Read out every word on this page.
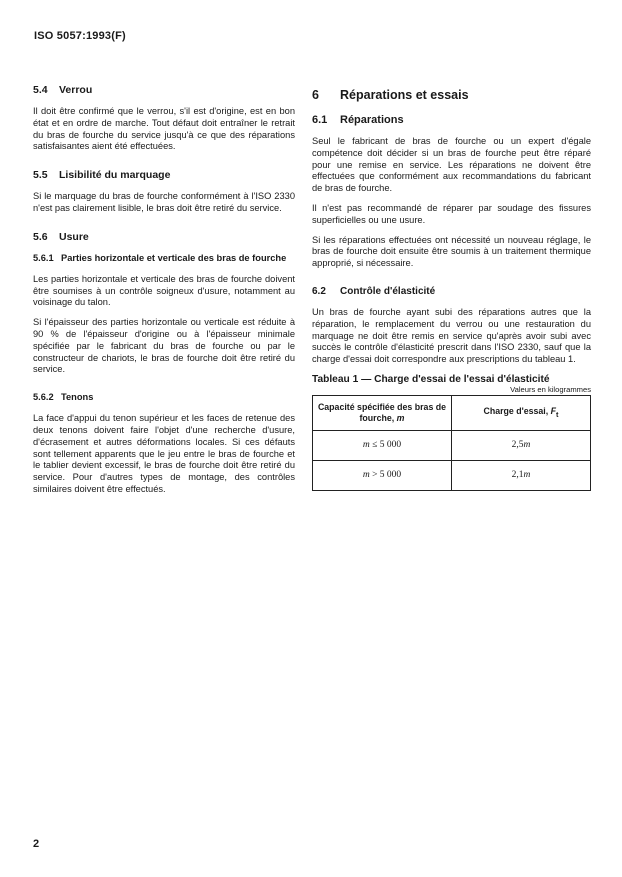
ISO 5057:1993(F)
5.4 Verrou

Il doit être confirmé que le verrou, s'il est d'origine, est en bon état et en ordre de marche. Tout défaut doit entraîner le retrait du bras de fourche du service jusqu'à ce que des réparations satisfaisantes aient été effectuées.

5.5 Lisibilité du marquage

Si le marquage du bras de fourche conformément à l'ISO 2330 n'est pas clairement lisible, le bras doit être retiré du service.

5.6 Usure
5.6.1 Parties horizontale et verticale des bras de fourche

Les parties horizontale et verticale des bras de fourche doivent être soumises à un contrôle soigneux d'usure, notamment au voisinage du talon.

Si l'épaisseur des parties horizontale ou verticale est réduite à 90 % de l'épaisseur d'origine ou à l'épaisseur minimale spécifiée par le fabricant du bras de fourche ou par le constructeur de chariots, le bras de fourche doit être retiré du service.

5.6.2 Tenons

La face d'appui du tenon supérieur et les faces de retenue des deux tenons doivent faire l'objet d'une recherche d'usure, d'écrasement et autres déformations locales. Si ces défauts sont tellement apparents que le jeu entre le bras de fourche et le tablier devient excessif, le bras de fourche doit être retiré du service. Pour d'autres types de montage, des contrôles similaires doivent être effectués.

6 Réparations et essais
6.1 Réparations

Seul le fabricant de bras de fourche ou un expert d'égale compétence doit décider si un bras de fourche peut être réparé pour une remise en service. Les réparations ne doivent être effectuées que conformément aux recommandations du fabricant de bras de fourche.

Il n'est pas recommandé de réparer par soudage des fissures superficielles ou une usure.

Si les réparations effectuées ont nécessité un nouveau réglage, le bras de fourche doit ensuite être soumis à un traitement thermique approprié, si nécessaire.

6.2 Contrôle d'élasticité

Un bras de fourche ayant subi des réparations autres que la réparation, le remplacement du verrou ou une restauration du marquage ne doit être remis en service qu'après avoir subi avec succès le contrôle d'élasticité prescrit dans l'ISO 2330, sauf que la charge d'essai doit correspondre aux prescriptions du tableau 1.

Tableau 1 — Charge d'essai de l'essai d'élasticité
Valeurs en kilogrammes
Capacité spécifiée des bras de fourche, m	Charge d'essai, $F_t$
m ≤ 5 000	2,5m
m > 5 000	2,1m
2
